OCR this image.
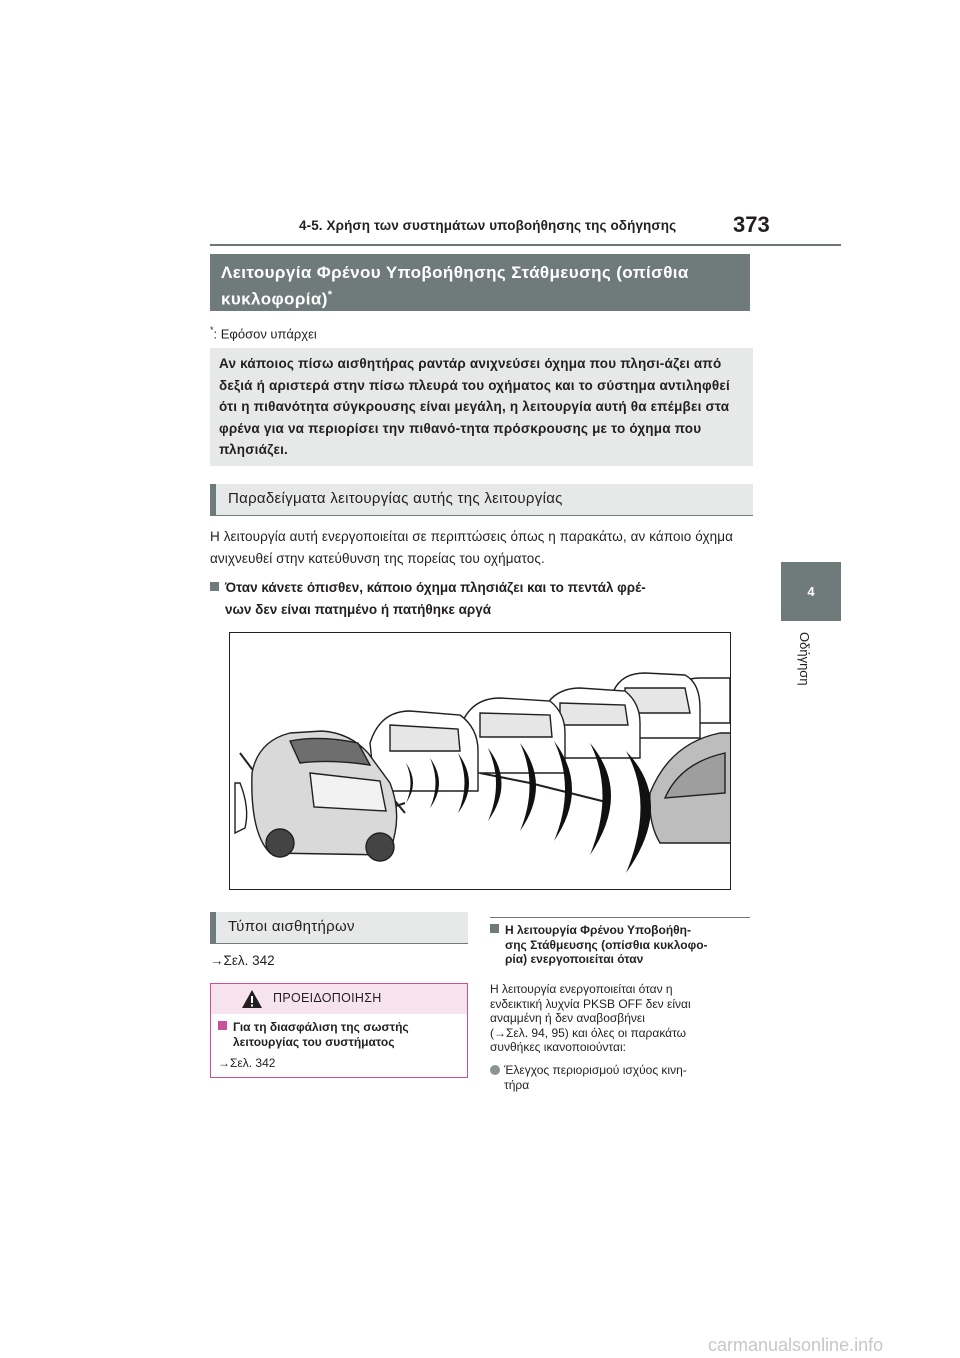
4-5. Χρήση των συστημάτων υποβοήθησης της οδήγησης	373
4
Οδήγηση
Λειτουργία Φρένου Υποβοήθησης Στάθμευσης (οπίσθια κυκλοφορία)*
*: Εφόσον υπάρχει
Αν κάποιος πίσω αισθητήρας ραντάρ ανιχνεύσει όχημα που πλησι-άζει από δεξιά ή αριστερά στην πίσω πλευρά του οχήματος και το σύστημα αντιληφθεί ότι η πιθανότητα σύγκρουσης είναι μεγάλη, η λειτουργία αυτή θα επέμβει στα φρένα για να περιορίσει την πιθανό-τητα πρόσκρουσης με το όχημα που πλησιάζει.
Παραδείγματα λειτουργίας αυτής της λειτουργίας
Η λειτουργία αυτή ενεργοποιείται σε περιπτώσεις όπως η παρακάτω, αν κάποιο όχημα ανιχνευθεί στην κατεύθυνση της πορείας του οχήματος.
Όταν κάνετε όπισθεν, κάποιο όχημα πλησιάζει και το πεντάλ φρέ-
νων δεν είναι πατημένο ή πατήθηκε αργά
Τύποι αισθητήρων
→Σελ. 342
ΠΡΟΕΙΔΟΠΟΙΗΣΗ
Για τη διασφάλιση της σωστής
λειτουργίας του συστήματος
→Σελ. 342
Η λειτουργία Φρένου Υποβοήθη-
σης Στάθμευσης (οπίσθια κυκλοφο-
ρία) ενεργοποιείται όταν
Η λειτουργία ενεργοποιείται όταν η
ενδεικτική λυχνία PKSB OFF δεν είναι
αναμμένη ή δεν αναβοσβήνει
(→Σελ. 94, 95) και όλες οι παρακάτω
συνθήκες ικανοποιούνται:
Έλεγχος περιορισμού ισχύος κινη-
τήρα
carmanualsonline.info
